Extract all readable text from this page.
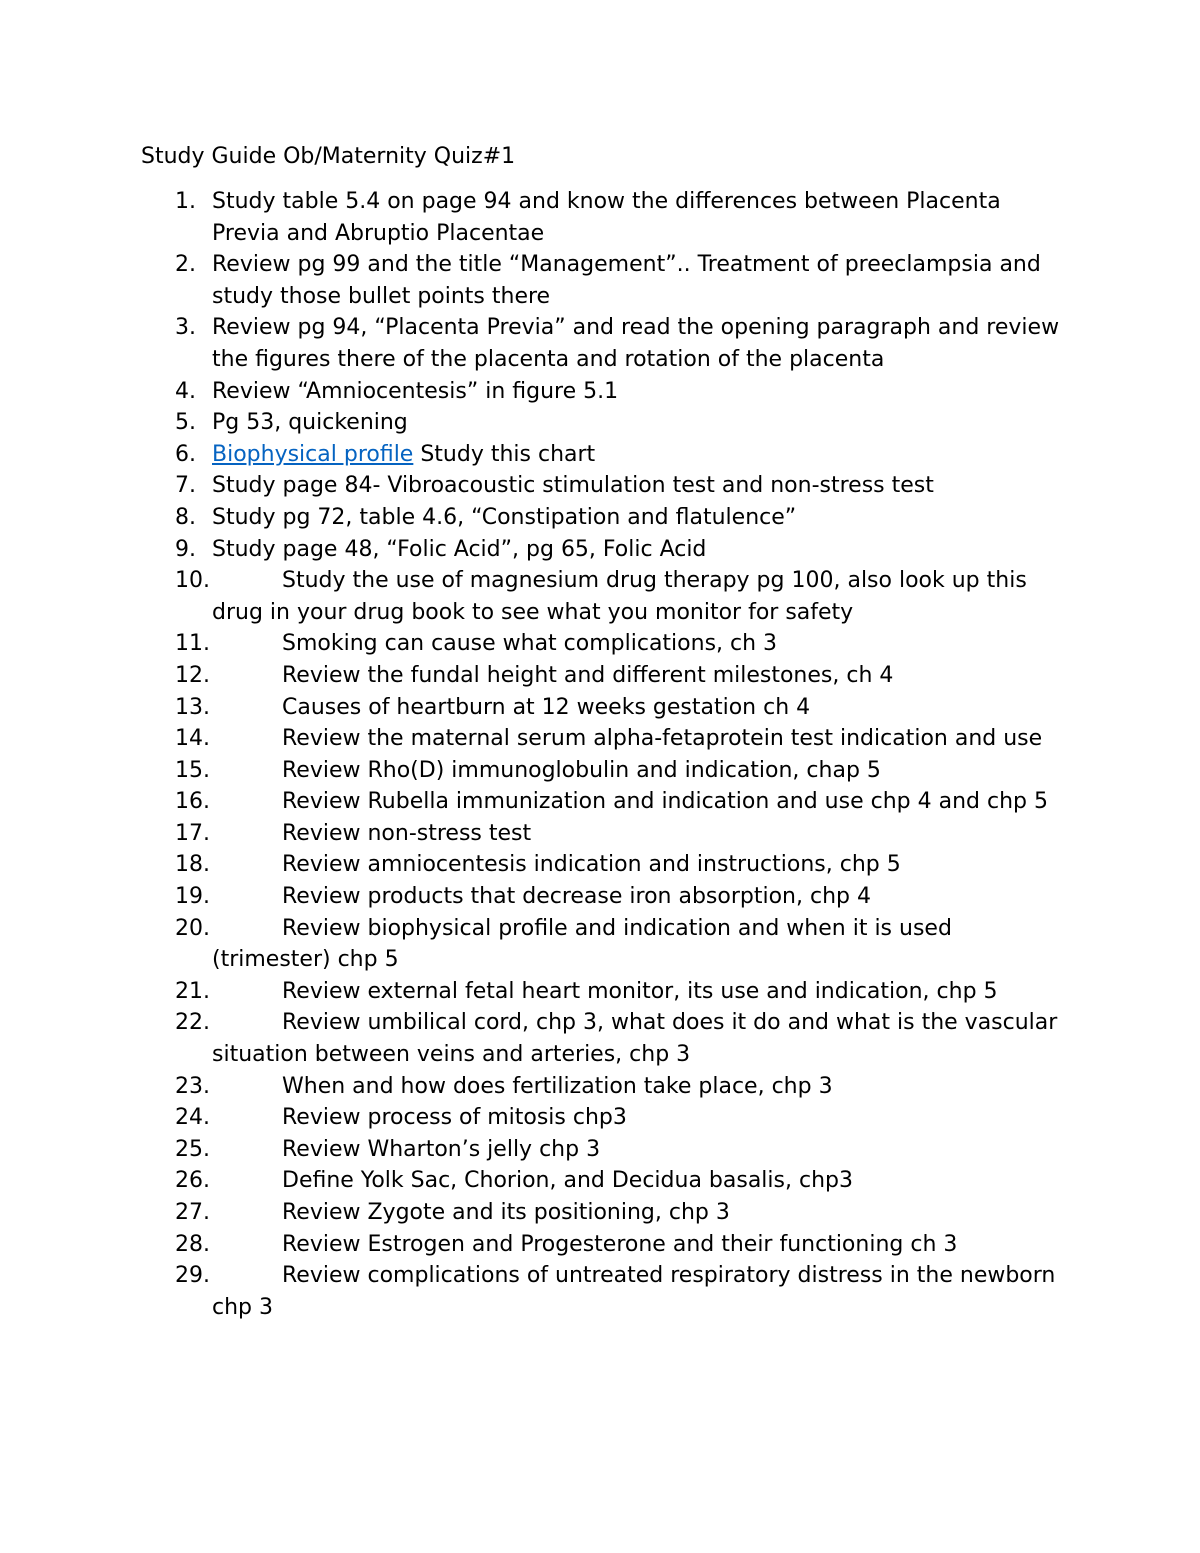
Study Guide Ob/Maternity Quiz#1
1. Study table 5.4 on page 94 and know the differences between Placenta Previa and Abruptio Placentae
2. Review pg 99 and the title “Management”.. Treatment of preeclampsia and study those bullet points there
3. Review pg 94, “Placenta Previa” and read the opening paragraph and review the figures there of the placenta and rotation of the placenta
4. Review “Amniocentesis” in figure 5.1
5. Pg 53, quickening
6. Biophysical profile Study this chart
7. Study page 84- Vibroacoustic stimulation test and non-stress test
8. Study pg 72, table 4.6, “Constipation and flatulence”
9. Study page 48, “Folic Acid”, pg 65, Folic Acid
10.	Study the use of magnesium drug therapy pg 100, also look up this drug in your drug book to see what you monitor for safety
11.	Smoking can cause what complications, ch 3
12.	Review the fundal height and different milestones, ch 4
13.	Causes of heartburn at 12 weeks gestation ch 4
14.	Review the maternal serum alpha-fetaprotein test indication and use
15.	Review Rho(D) immunoglobulin and indication, chap 5
16.	Review Rubella immunization and indication and use chp 4 and chp 5
17.	Review non-stress test
18.	Review amniocentesis indication and instructions, chp 5
19.	Review products that decrease iron absorption, chp 4
20.	Review biophysical profile and indication and when it is used (trimester) chp 5
21.	Review external fetal heart monitor, its use and indication, chp 5
22.	Review umbilical cord, chp 3, what does it do and what is the vascular situation between veins and arteries, chp 3
23.	When and how does fertilization take place, chp 3
24.	Review process of mitosis chp3
25.	Review Wharton’s jelly chp 3
26.	Define Yolk Sac, Chorion, and Decidua basalis, chp3
27.	Review Zygote and its positioning, chp 3
28.	Review Estrogen and Progesterone and their functioning ch 3
29.	Review complications of untreated respiratory distress in the newborn chp 3
